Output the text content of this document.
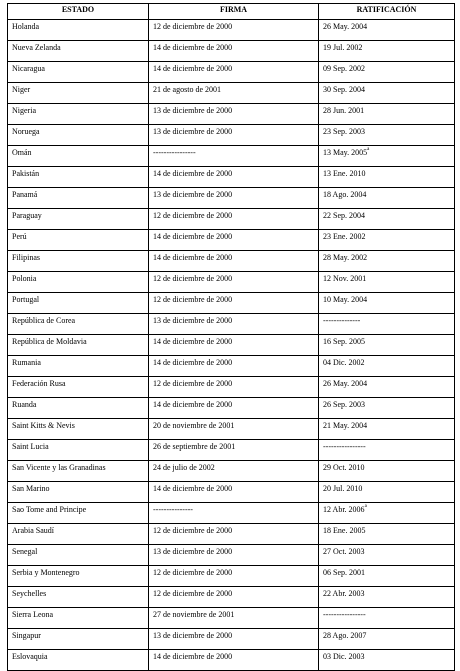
ESTADO	FIRMA	RATIFICACIÓN
Holanda	12 de diciembre de 2000	26 May. 2004
Nueva Zelanda	14 de diciembre de 2000	19 Jul. 2002
Nicaragua	14 de diciembre de 2000	09 Sep. 2002
Niger	21 de agosto de 2001	30 Sep. 2004
Nigeria	13 de diciembre de 2000	28 Jun. 2001
Noruega	13 de diciembre de 2000	23 Sep. 2003
Omán	----------------	13 May. 2005$^a$
Pakistán	14 de diciembre de 2000	13 Ene. 2010
Panamá	13 de diciembre de 2000	18 Ago. 2004
Paraguay	12 de diciembre de 2000	22 Sep. 2004
Perú	14 de diciembre de 2000	23 Ene. 2002
Filipinas	14 de diciembre de 2000	28 May. 2002
Polonia	12 de diciembre de 2000	12 Nov. 2001
Portugal	12 de diciembre de 2000	10 May. 2004
República de Corea	13 de diciembre de 2000	--------------
República de Moldavia	14 de diciembre de 2000	16 Sep. 2005
Rumania	14 de diciembre de 2000	04 Dic. 2002
Federación Rusa	12 de diciembre de 2000	26 May. 2004
Ruanda	14 de diciembre de 2000	26 Sep. 2003
Saint Kitts & Nevis	20 de noviembre de 2001	21 May. 2004
Saint Lucia	26 de septiembre de 2001	----------------
San Vicente y las Granadinas	24 de julio de 2002	29 Oct. 2010
San Marino	14 de diciembre de 2000	20 Jul. 2010
Sao Tome and Principe	---------------	12 Abr. 2006$^a$
Arabia Saudí	12 de diciembre de 2000	18 Ene. 2005
Senegal	13 de diciembre de 2000	27 Oct. 2003
Serbia y Montenegro	12 de diciembre de 2000	06 Sep. 2001
Seychelles	12 de diciembre de 2000	22 Abr. 2003
Sierra Leona	27 de noviembre de 2001	----------------
Singapur	13 de diciembre de 2000	28 Ago. 2007
Eslovaquia	14 de diciembre de 2000	03 Dic. 2003
